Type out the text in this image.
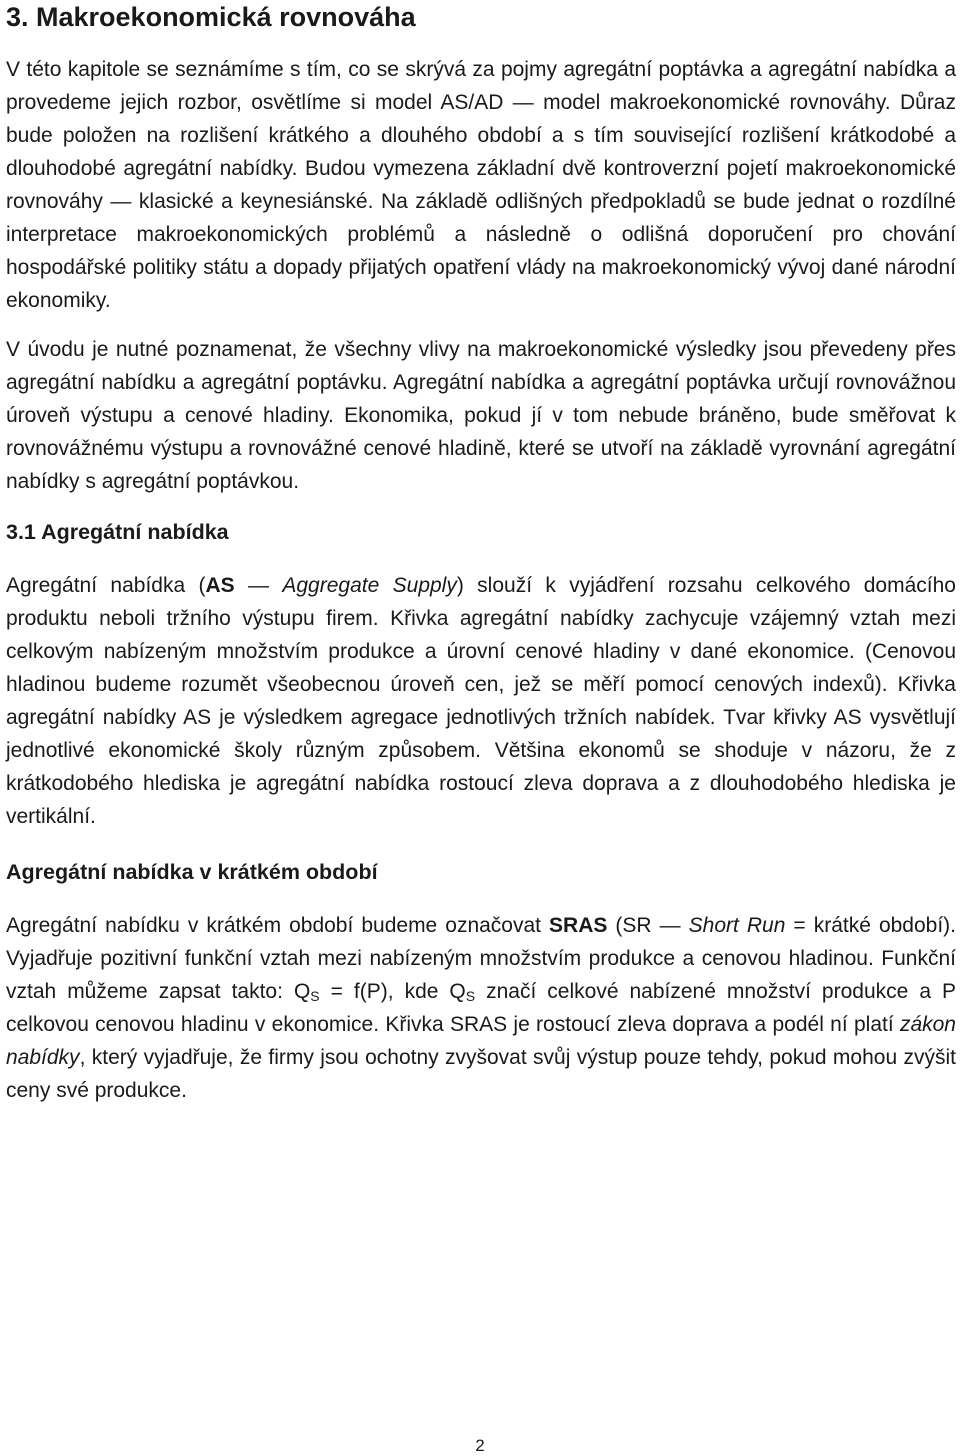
3. Makroekonomická rovnováha

V této kapitole se seznámíme s tím, co se skrývá za pojmy agregátní poptávka a agregátní nabídka a provedeme jejich rozbor, osvětlíme si model AS/AD — model makroekonomické rovnováhy. Důraz bude položen na rozlišení krátkého a dlouhého období a s tím související rozlišení krátkodobé a dlouhodobé agregátní nabídky. Budou vymezena základní dvě kontroverzní pojetí makroekonomické rovnováhy — klasické a keynesiánské. Na základě odlišných předpokladů se bude jednat o rozdílné interpretace makroekonomických problémů a následně o odlišná doporučení pro chování hospodářské politiky státu a dopady přijatých opatření vlády na makroekonomický vývoj dané národní ekonomiky.

V úvodu je nutné poznamenat, že všechny vlivy na makroekonomické výsledky jsou převedeny přes agregátní nabídku a agregátní poptávku. Agregátní nabídka a agregátní poptávka určují rovnovážnou úroveň výstupu a cenové hladiny. Ekonomika, pokud jí v tom nebude bráněno, bude směřovat k rovnovážnému výstupu a rovnovážné cenové hladině, které se utvoří na základě vyrovnání agregátní nabídky s agregátní poptávkou.

3.1 Agregátní nabídka

Agregátní nabídka (AS — Aggregate Supply) slouží k vyjádření rozsahu celkového domácího produktu neboli tržního výstupu firem. Křivka agregátní nabídky zachycuje vzájemný vztah mezi celkovým nabízeným množstvím produkce a úrovní cenové hladiny v dané ekonomice. (Cenovou hladinou budeme rozumět všeobecnou úroveň cen, jež se měří pomocí cenových indexů). Křivka agregátní nabídky AS je výsledkem agregace jednotlivých tržních nabídek. Tvar křivky AS vysvětlují jednotlivé ekonomické školy různým způsobem. Většina ekonomů se shoduje v názoru, že z krátkodobého hlediska je agregátní nabídka rostoucí zleva doprava a z dlouhodobého hlediska je vertikální.

Agregátní nabídka v krátkém období

Agregátní nabídku v krátkém období budeme označovat SRAS (SR — Short Run = krátké období). Vyjadřuje pozitivní funkční vztah mezi nabízeným množstvím produkce a cenovou hladinou. Funkční vztah můžeme zapsat takto: $Q_S = f(P)$, kde $Q_S$ značí celkové nabízené množství produkce a P celkovou cenovou hladinu v ekonomice. Křivka SRAS je rostoucí zleva doprava a podél ní platí zákon nabídky, který vyjadřuje, že firmy jsou ochotny zvyšovat svůj výstup pouze tehdy, pokud mohou zvýšit ceny své produkce.

2
